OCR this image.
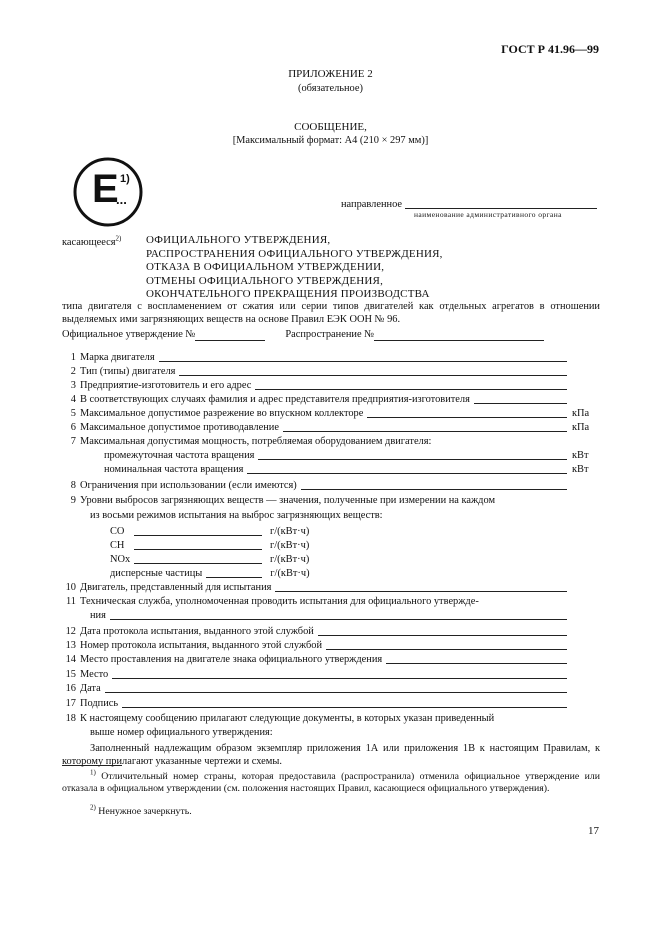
ГОСТ Р 41.96—99
ПРИЛОЖЕНИЕ 2
(обязательное)
СООБЩЕНИЕ,
[Максимальный формат: А4 (210 × 297 мм)]
E
...
1)
направленное
наименование административного органа
касающееся$^{2)}$ ОФИЦИАЛЬНОГО УТВЕРЖДЕНИЯ,
РАСПРОСТРАНЕНИЯ ОФИЦИАЛЬНОГО УТВЕРЖДЕНИЯ,
ОТКАЗА В ОФИЦИАЛЬНОМ УТВЕРЖДЕНИИ,
ОТМЕНЫ ОФИЦИАЛЬНОГО УТВЕРЖДЕНИЯ,
ОКОНЧАТЕЛЬНОГО ПРЕКРАЩЕНИЯ ПРОИЗВОДСТВА
типа двигателя с воспламенением от сжатия или серии типов двигателей как отдельных агрегатов в отношении выделяемых ими загрязняющих веществ на основе Правил ЕЭК ООН № 96.
Официальное утверждение №	Распространение №
1 Марка двигателя
2 Тип (типы) двигателя
3 Предприятие-изготовитель и его адрес
4 В соответствующих случаях фамилия и адрес представителя предприятия-изготовителя
5 Максимальное допустимое разрежение во впускном коллекторе	кПа
6 Максимальное допустимое противодавление	кПа
7 Максимальная допустимая мощность, потребляемая оборудованием двигателя:
промежуточная частота вращения	кВт
номинальная частота вращения	кВт
8 Ограничения при использовании (если имеются)
9 Уровни выбросов загрязняющих веществ — значения, полученные при измерении на каждом
из восьми режимов испытания на выброс загрязняющих веществ:
CO	г/(кВт·ч)
CH	г/(кВт·ч)
NOx	г/(кВт·ч)
дисперсные частицы	г/(кВт·ч)
10 Двигатель, представленный для испытания
11 Техническая служба, уполномоченная проводить испытания для официального утвержде-
ния
12 Дата протокола испытания, выданного этой службой
13 Номер протокола испытания, выданного этой службой
14 Место проставления на двигателе знака официального утверждения
15 Место
16 Дата
17 Подпись
18 К настоящему сообщению прилагают следующие документы, в которых указан приведенный
выше номер официального утверждения:
Заполненный надлежащим образом экземпляр приложения 1А или приложения 1В к настоящим Правилам, к которому прилагают указанные чертежи и схемы.
$^{1)}$ Отличительный номер страны, которая предоставила (распространила) отменила официальное утверждение или отказала в официальном утверждении (см. положения настоящих Правил, касающиеся официального утверждения).
$^{2)}$ Ненужное зачеркнуть.
17
